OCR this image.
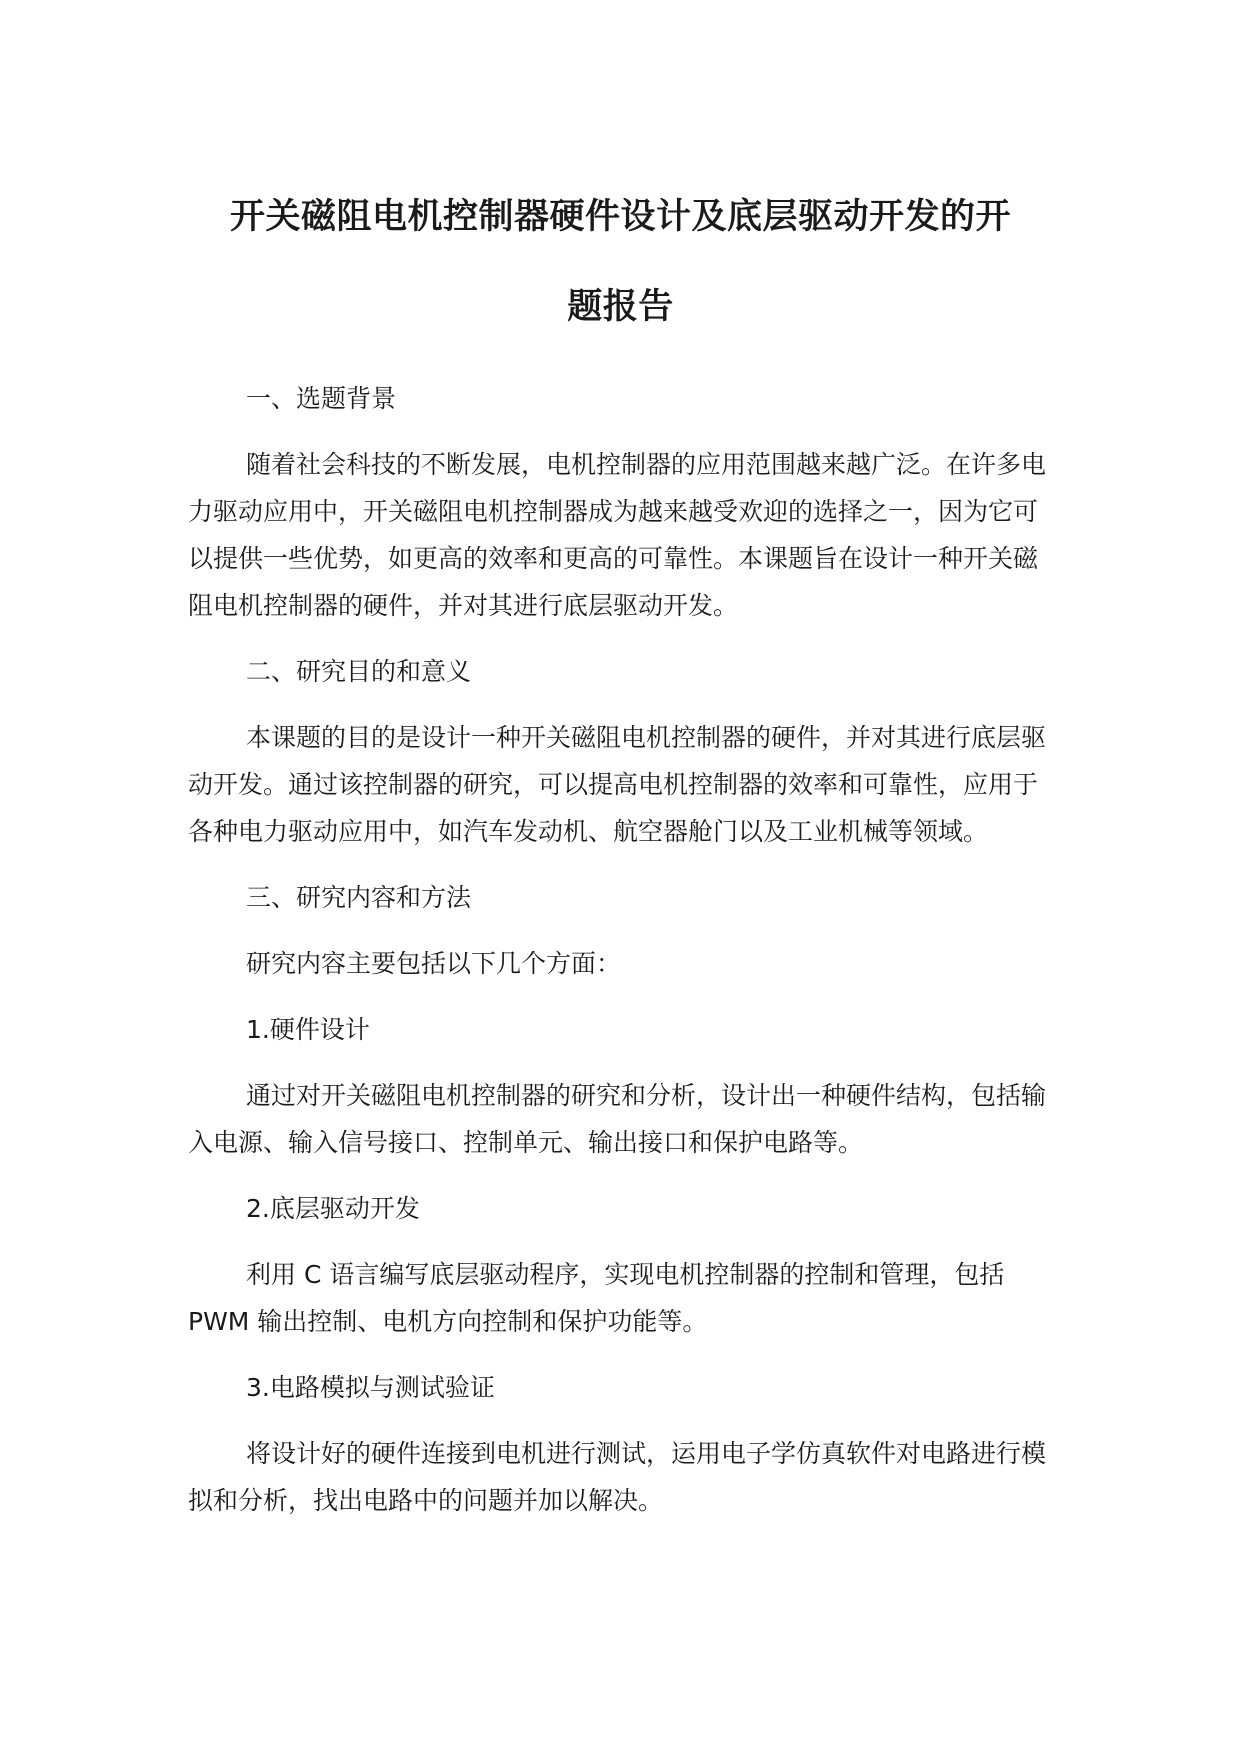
开关磁阻电机控制器硬件设计及底层驱动开发的开
题报告

一、选题背景

随着社会科技的不断发展，电机控制器的应用范围越来越广泛。在许多电力驱动应用中，开关磁阻电机控制器成为越来越受欢迎的选择之一，因为它可以提供一些优势，如更高的效率和更高的可靠性。本课题旨在设计一种开关磁阻电机控制器的硬件，并对其进行底层驱动开发。

二、研究目的和意义

本课题的目的是设计一种开关磁阻电机控制器的硬件，并对其进行底层驱动开发。通过该控制器的研究，可以提高电机控制器的效率和可靠性，应用于各种电力驱动应用中，如汽车发动机、航空器舱门以及工业机械等领域。

三、研究内容和方法

研究内容主要包括以下几个方面：

1.硬件设计

通过对开关磁阻电机控制器的研究和分析，设计出一种硬件结构，包括输入电源、输入信号接口、控制单元、输出接口和保护电路等。

2.底层驱动开发

利用 C 语言编写底层驱动程序，实现电机控制器的控制和管理，包括 PWM 输出控制、电机方向控制和保护功能等。

3.电路模拟与测试验证

将设计好的硬件连接到电机进行测试，运用电子学仿真软件对电路进行模拟和分析，找出电路中的问题并加以解决。
